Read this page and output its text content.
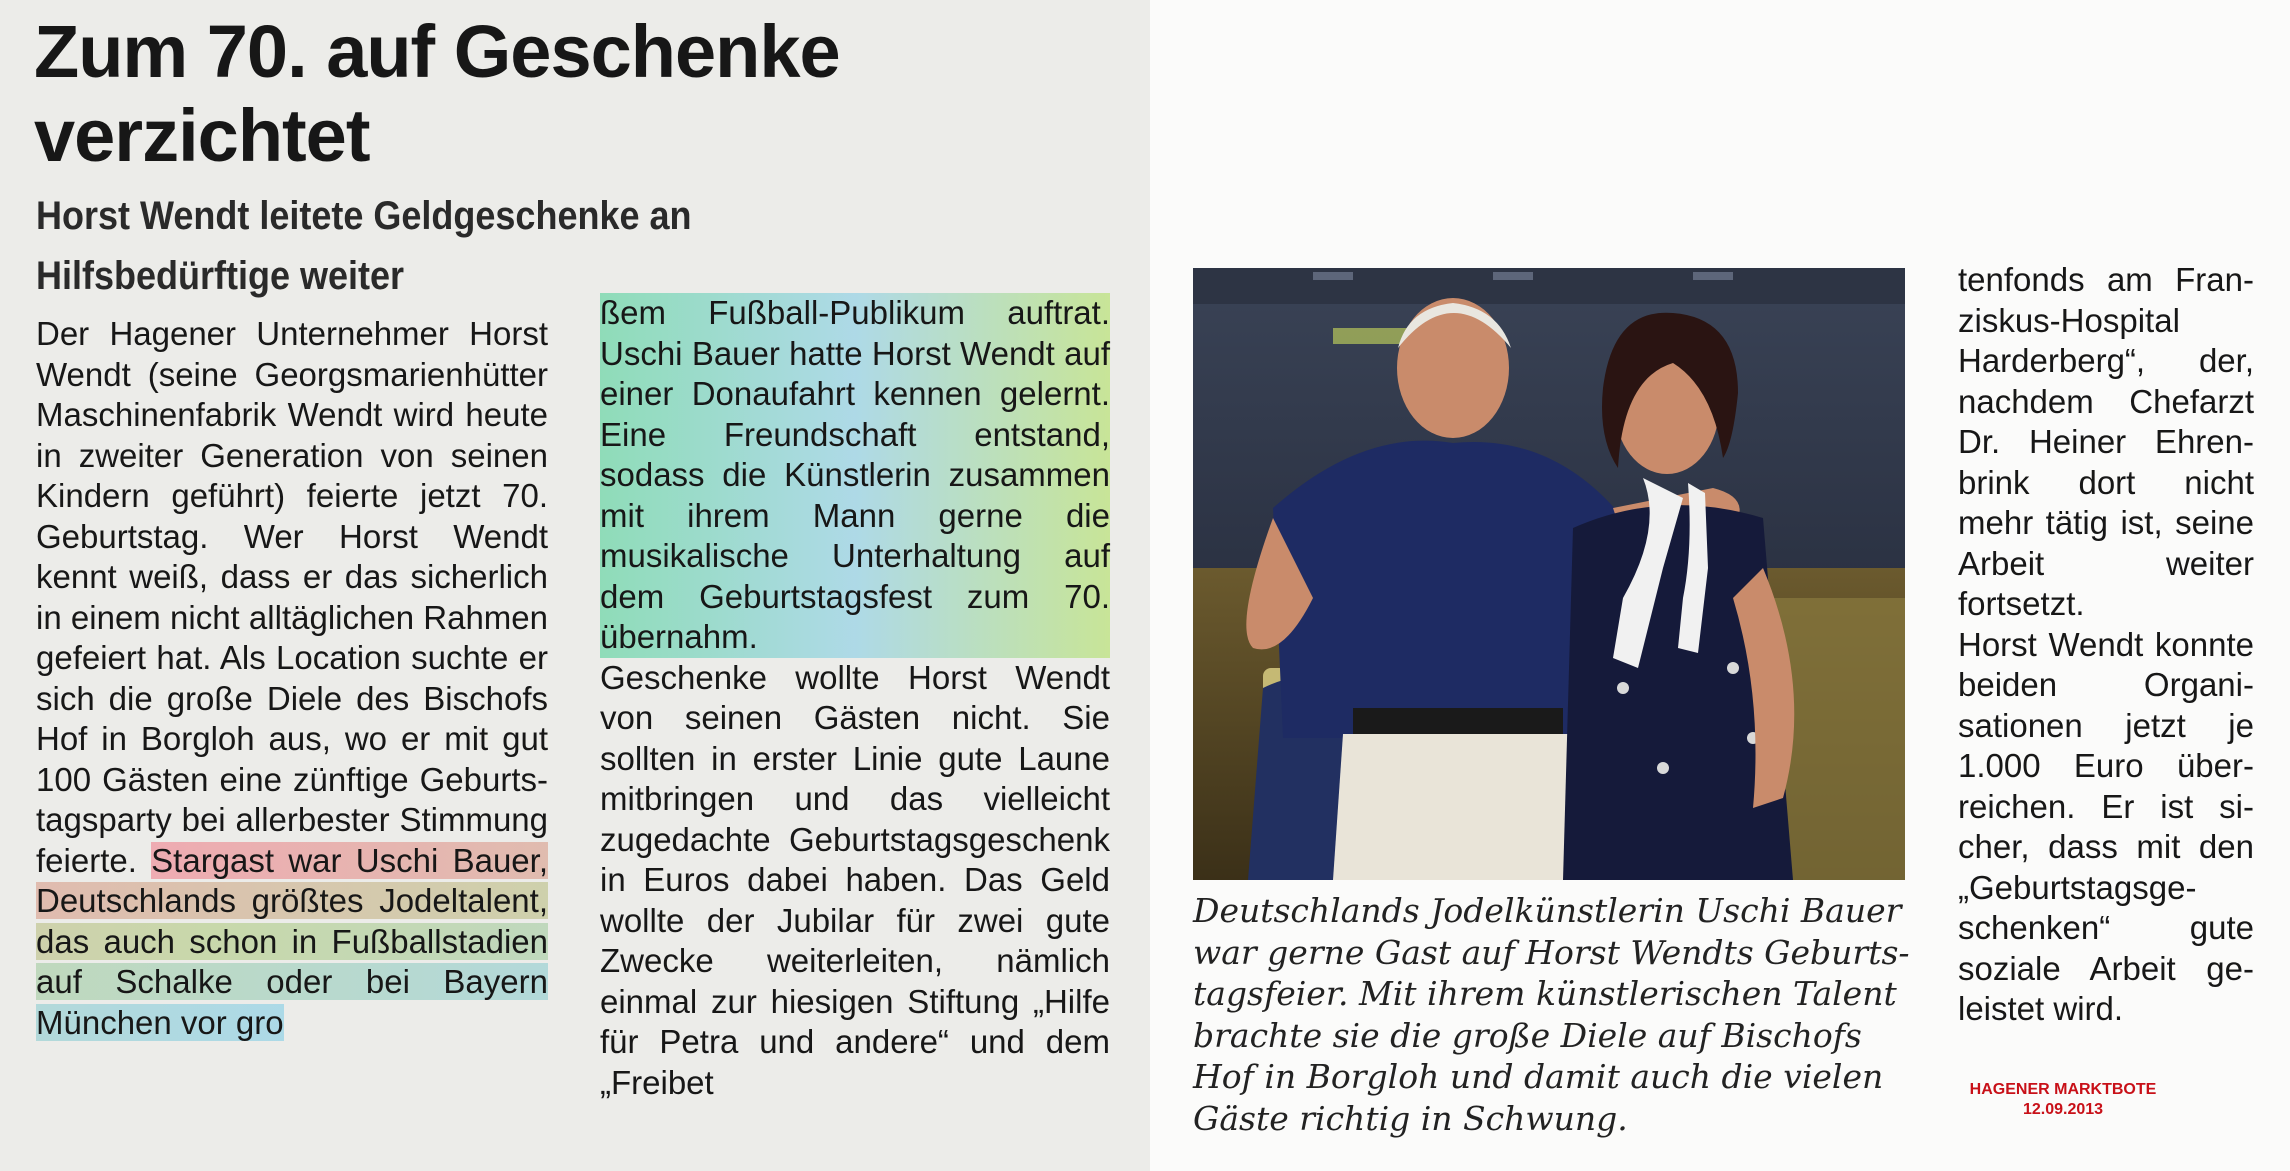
Zum 70. auf Geschenke verzichtet
Horst Wendt leitete Geldgeschenke an Hilfsbedürftige weiter

Der Hagener Unternehmer Horst Wendt (seine Georgsmarienhütter Maschinenfabrik Wendt wird heute in zweiter Generation von seinen Kindern geführt) feierte jetzt 70. Geburtstag. Wer Horst Wendt kennt weiß, dass er das sicherlich in einem nicht alltäglichen Rahmen gefeiert hat. Als Location suchte er sich die große Diele des Bischofs Hof in Borgloh aus, wo er mit gut 100 Gästen eine zünftige Geburtstagsparty bei allerbester Stimmung feierte. Stargast war Uschi Bauer, Deutschlands größtes Jodeltalent, das auch schon in Fußballstadien auf Schalke oder bei Bayern München vor gro

ßem Fußball-Publikum auftrat. Uschi Bauer hatte Horst Wendt auf einer Donaufahrt kennen gelernt. Eine Freundschaft entstand, sodass die Künstlerin zusammen mit ihrem Mann gerne die musikalische Unterhaltung auf dem Geburtstagsfest zum 70. übernahm.

Geschenke wollte Horst Wendt von seinen Gästen nicht. Sie sollten in erster Linie gute Laune mitbringen und das vielleicht zugedachte Geburtstagsgeschenk in Euros dabei haben. Das Geld wollte der Jubilar für zwei gute Zwecke weiterleiten, nämlich einmal zur hiesigen Stiftung „Hilfe für Petra und andere“ und dem „Freibet

Deutschlands Jodelkünstlerin Uschi Bauer war gerne Gast auf Horst Wendts Geburtstagsfeier. Mit ihrem künstlerischen Talent brachte sie die große Diele auf Bischofs Hof in Borgloh und damit auch die vielen Gäste richtig in Schwung.

tenfonds am Franziskus-Hospital Harderberg“, der, nachdem Chefarzt Dr. Heiner Ehrenbrink dort nicht mehr tätig ist, seine Arbeit weiter fortsetzt.

Horst Wendt konnte beiden Organisationen jetzt je 1.000 Euro überreichen. Er ist sicher, dass mit den „Geburtstagsgeschenken“ gute soziale Arbeit geleistet wird.

HAGENER MARKTBOTE
12.09.2013
